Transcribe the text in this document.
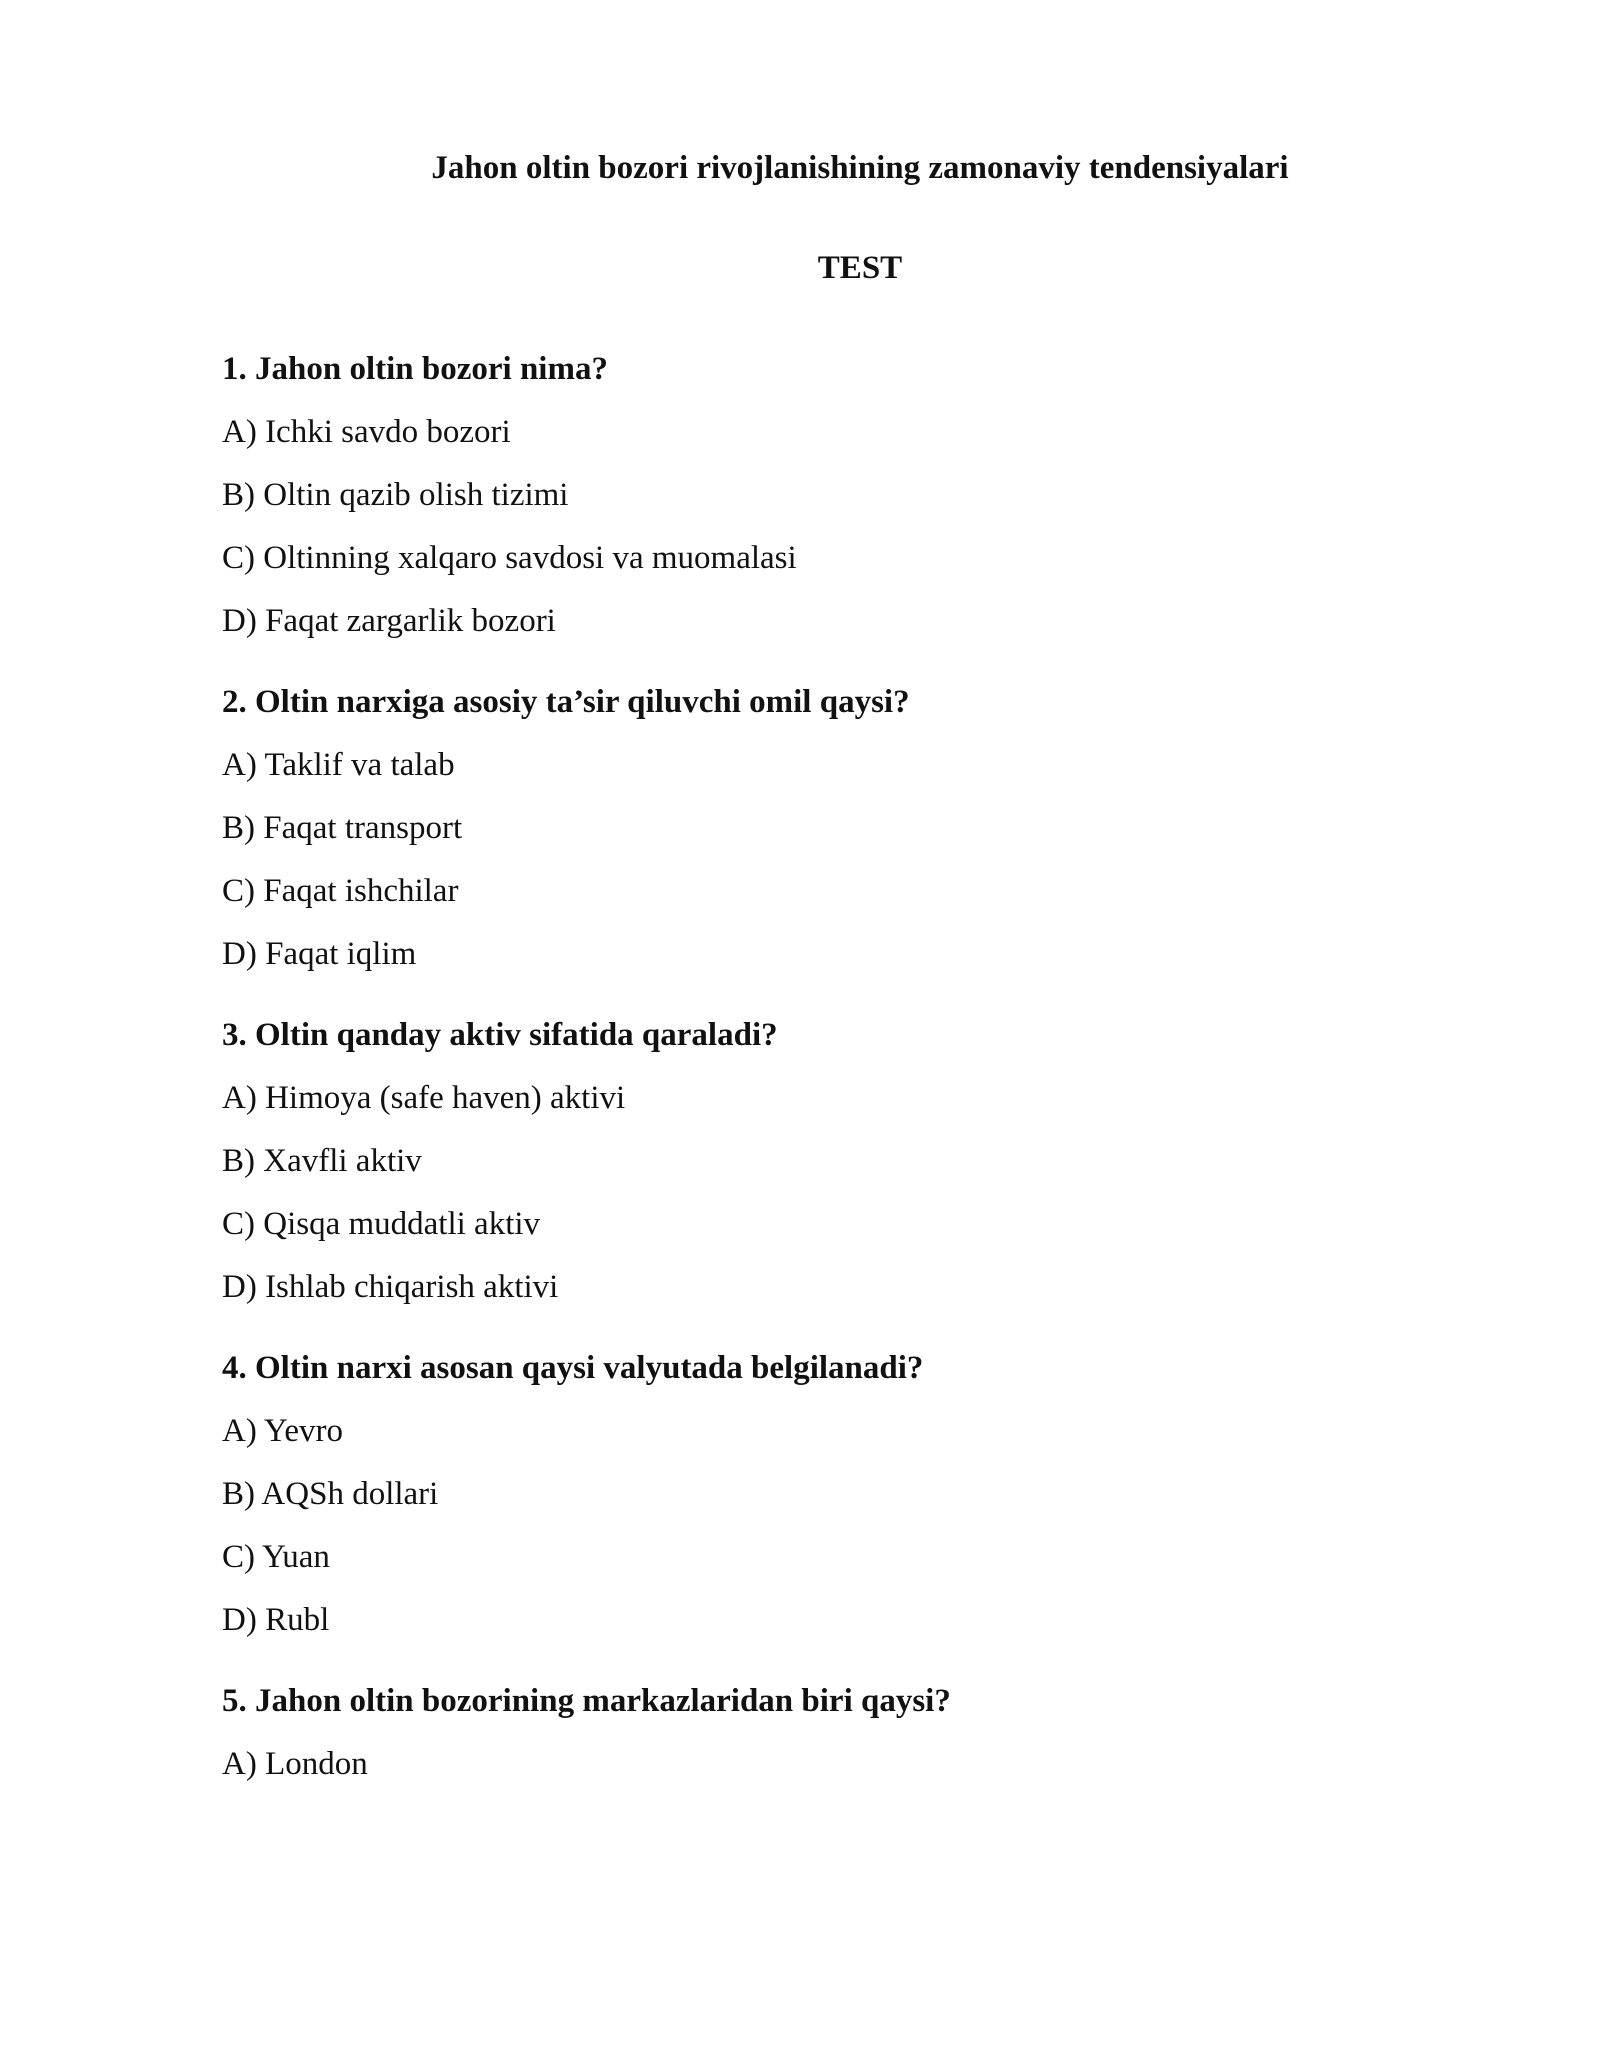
Jahon oltin bozori rivojlanishining zamonaviy tendensiyalari
TEST

1. Jahon oltin bozori nima?

A) Ichki savdo bozori
B) Oltin qazib olish tizimi
C) Oltinning xalqaro savdosi va muomalasi
D) Faqat zargarlik bozori

2. Oltin narxiga asosiy ta’sir qiluvchi omil qaysi?

A) Taklif va talab
B) Faqat transport
C) Faqat ishchilar
D) Faqat iqlim

3. Oltin qanday aktiv sifatida qaraladi?

A) Himoya (safe haven) aktivi
B) Xavfli aktiv
C) Qisqa muddatli aktiv
D) Ishlab chiqarish aktivi

4. Oltin narxi asosan qaysi valyutada belgilanadi?

A) Yevro
B) AQSh dollari
C) Yuan
D) Rubl

5. Jahon oltin bozorining markazlaridan biri qaysi?

A) London
